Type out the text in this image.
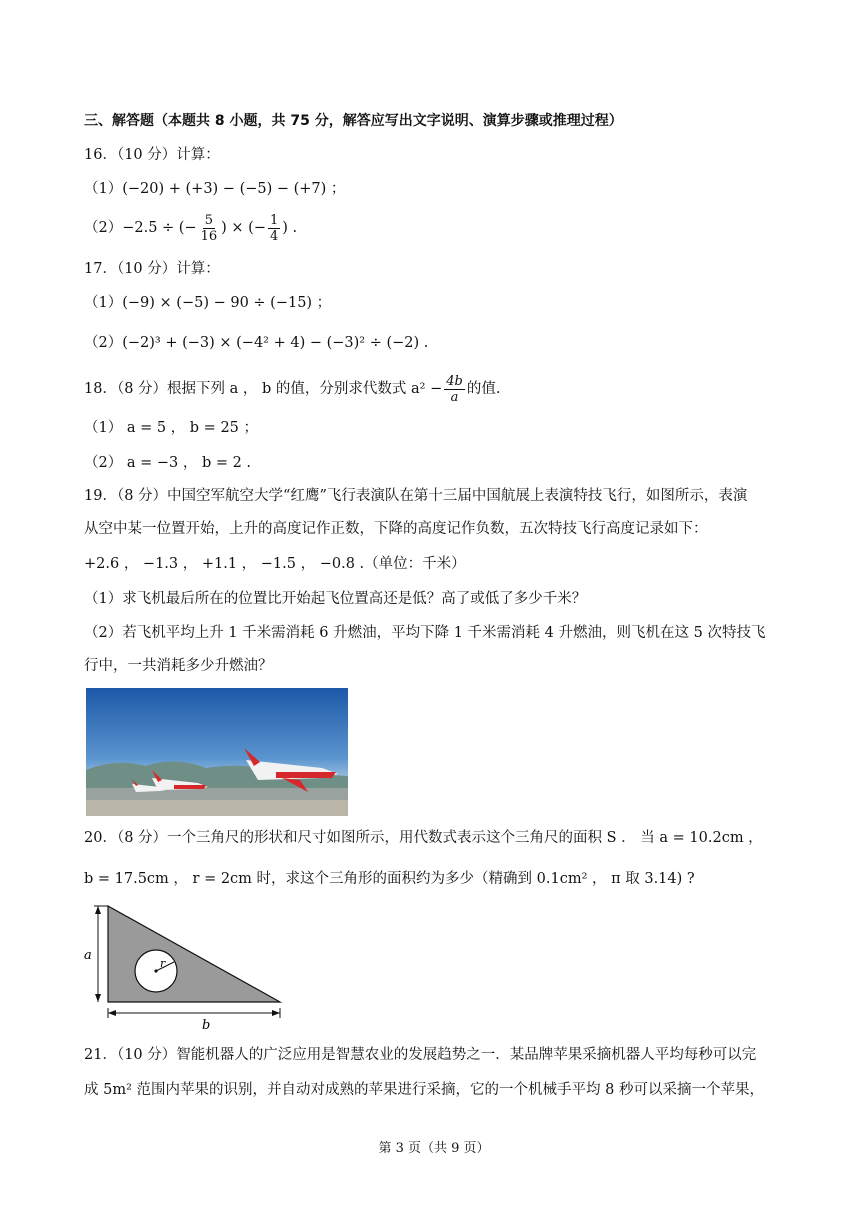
三、解答题（本题共 8 小题，共 75 分，解答应写出文字说明、演算步骤或推理过程）
16．（10 分）计算：
（1）(−20) + (+3) − (−5) − (+7) ；
（2）−2.5 ÷ (− $\frac{5}{16}$ ) × (− $\frac{1}{4}$ ) .
17．（10 分）计算：
（1）(−9) × (−5) − 90 ÷ (−15) ；
（2）(−2)³ + (−3) × (−4² + 4) − (−3)² ÷ (−2) .
18．（8 分）根据下列 a ， b 的值，分别求代数式 $a^2 - \frac{4b}{a}$ 的值.
（1） a = 5 ， b = 25 ；
（2） a = −3 ， b = 2 .
19．（8 分）中国空军航空大学“红鹰”飞行表演队在第十三届中国航展上表演特技飞行，如图所示，表演
从空中某一位置开始，上升的高度记作正数，下降的高度记作负数，五次特技飞行高度记录如下：
+2.6 ， −1.3 ， +1.1 ， −1.5 ， −0.8 .（单位：千米）
（1）求飞机最后所在的位置比开始起飞位置高还是低？高了或低了多少千米？
（2）若飞机平均上升 1 千米需消耗 6 升燃油，平均下降 1 千米需消耗 4 升燃油，则飞机在这 5 次特技飞
行中，一共消耗多少升燃油？
20．（8 分）一个三角尺的形状和尺寸如图所示，用代数式表示这个三角尺的面积 S ． 当 a = 10.2cm ，
b = 17.5cm ， r = 2cm 时，求这个三角形的面积约为多少（精确到 0.1cm² ， π 取 3.14) ?
a
b
r
21．（10 分）智能机器人的广泛应用是智慧农业的发展趋势之一．某品牌苹果采摘机器人平均每秒可以完
成 5m² 范围内苹果的识别，并自动对成熟的苹果进行采摘，它的一个机械手平均 8 秒可以采摘一个苹果，
第 3 页（共 9 页）
